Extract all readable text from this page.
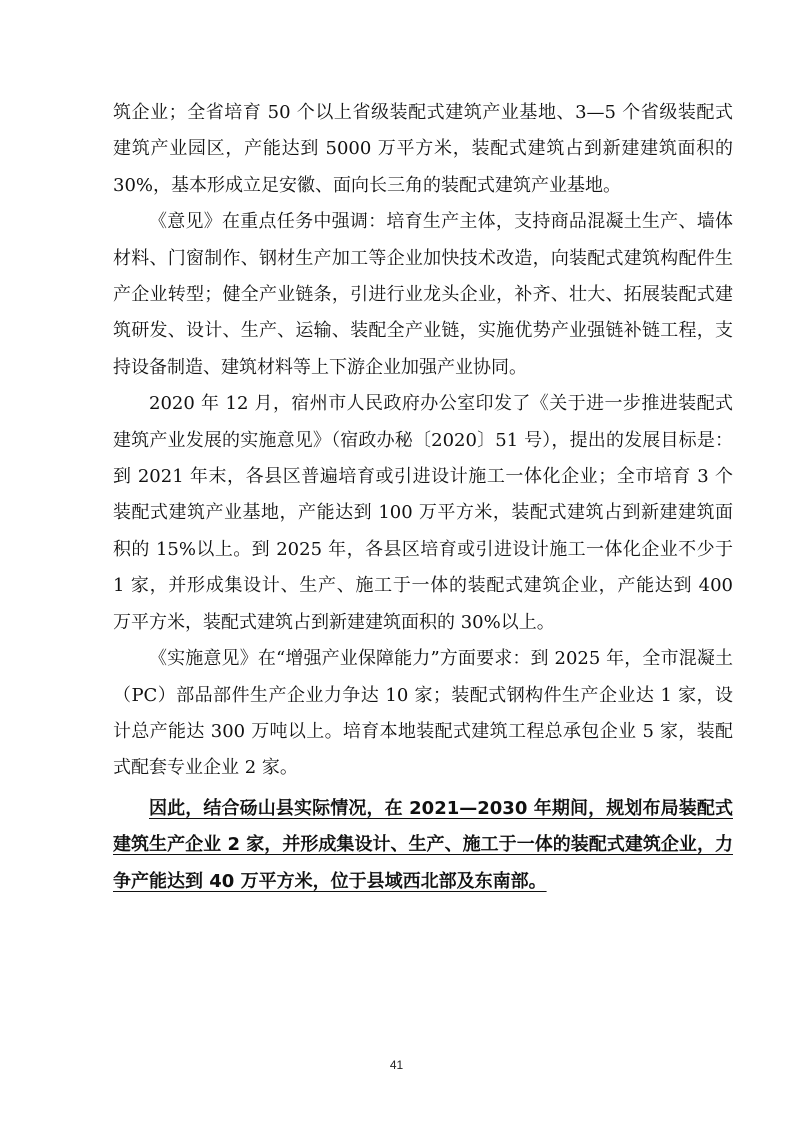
筑企业；全省培育 50 个以上省级装配式建筑产业基地、3—5 个省级装配式建筑产业园区，产能达到 5000 万平方米，装配式建筑占到新建建筑面积的 30%，基本形成立足安徽、面向长三角的装配式建筑产业基地。

《意见》在重点任务中强调：培育生产主体，支持商品混凝土生产、墙体材料、门窗制作、钢材生产加工等企业加快技术改造，向装配式建筑构配件生产企业转型；健全产业链条，引进行业龙头企业，补齐、壮大、拓展装配式建筑研发、设计、生产、运输、装配全产业链，实施优势产业强链补链工程，支持设备制造、建筑材料等上下游企业加强产业协同。

2020 年 12 月，宿州市人民政府办公室印发了《关于进一步推进装配式建筑产业发展的实施意见》（宿政办秘〔2020〕51 号），提出的发展目标是：到 2021 年末，各县区普遍培育或引进设计施工一体化企业；全市培育 3 个装配式建筑产业基地，产能达到 100 万平方米，装配式建筑占到新建建筑面积的 15%以上。到 2025 年，各县区培育或引进设计施工一体化企业不少于 1 家，并形成集设计、生产、施工于一体的装配式建筑企业，产能达到 400 万平方米，装配式建筑占到新建建筑面积的 30%以上。

《实施意见》在“增强产业保障能力”方面要求：到 2025 年，全市混凝土（PC）部品部件生产企业力争达 10 家；装配式钢构件生产企业达 1 家，设计总产能达 300 万吨以上。培育本地装配式建筑工程总承包企业 5 家，装配式配套专业企业 2 家。

因此，结合砀山县实际情况，在 2021—2030 年期间，规划布局装配式建筑生产企业 2 家，并形成集设计、生产、施工于一体的装配式建筑企业，力争产能达到 40 万平方米，位于县域西北部及东南部。

41
